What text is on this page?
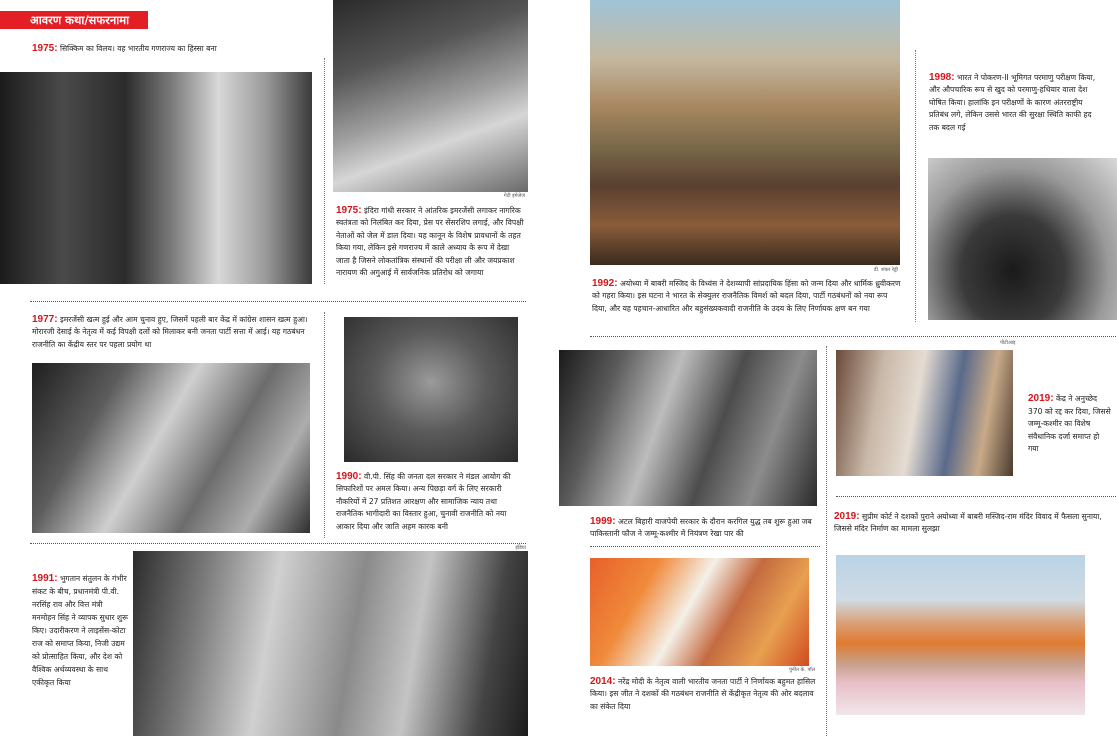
आवरण कथा/सफरनामा
1975: सिक्किम का विलय। वह भारतीय गणराज्य का हिस्सा बना
गेटी इमेजेज
1975: इंदिरा गांधी सरकार ने आंतरिक इमरजेंसी लगाकर नागरिक स्वतंत्रता को निलंबित कर दिया, प्रेस पर सेंसरशिप लगाई, और विपक्षी नेताओं को जेल में डाल दिया। यह कानून के विशेष प्रावधानों के तहत किया गया, लेकिन इसे गणराज्य में काले अध्याय के रूप में देखा जाता है जिसने लोकतांत्रिक संस्थानों की परीक्षा ली और जयप्रकाश नारायण की अगुआई में सार्वजनिक प्रतिरोध को जगाया
1977: इमरजेंसी खत्म हुई और आम चुनाव हुए, जिसमें पहली बार केंद्र में कांग्रेस शासन खत्म हुआ। मोरारजी देसाई के नेतृत्व में कई विपक्षी दलों को मिलाकर बनी जनता पार्टी सत्ता में आई। यह गठबंधन राजनीति का केंद्रीय स्तर पर पहला प्रयोग था
1990: वी.पी. सिंह की जनता दल सरकार ने मंडल आयोग की सिफारिशों पर अमल किया। अन्य पिछड़ा वर्ग के लिए सरकारी नौकरियों में 27 प्रतिशत आरक्षण और सामाजिक न्याय तथा राजनैतिक भागीदारी का विस्तार हुआ, चुनावी राजनीति को नया आकार दिया और जाति अहम कारक बनी
इंडिया
1991: भुगतान संतुलन के गंभीर संकट के बीच, प्रधानमंत्री पी.वी. नरसिंह राव और वित्त मंत्री मनमोहन सिंह ने व्यापक सुधार शुरू किए। उदारीकरण ने लाइसेंस-कोटा राज को समाप्त किया, निजी उद्यम को प्रोत्साहित किया, और देश को वैश्विक अर्थव्यवस्था के साथ एकीकृत किया
डी. शंकर रेड्डी
1992: अयोध्या में बाबरी मस्जिद के विध्वंस ने देशव्यापी सांप्रदायिक हिंसा को जन्म दिया और धार्मिक ध्रुवीकरण को गहरा किया। इस घटना ने भारत के सेक्युलर राजनैतिक विमर्श को बदल दिया, पार्टी गठबंधनों को नया रूप दिया, और यह पहचान-आधारित और बहुसंख्यकवादी राजनीति के उदय के लिए निर्णायक क्षण बन गया
1998: भारत ने पोकरण-II भूमिगत परमाणु परीक्षण किया, और औपचारिक रूप से खुद को परमाणु-हथियार वाला देश घोषित किया। हालांकि इन परीक्षणों के कारण अंतरराष्ट्रीय प्रतिबंध लगे, लेकिन उससे भारत की सुरक्षा स्थिति काफी हद तक बदल गई
1999: अटल बिहारी वाजपेयी सरकार के दौरान करगिल युद्ध तब शुरू हुआ जब पाकिस्तानी फौज ने जम्मू-कश्मीर में नियंत्रण रेखा पार की
पीटीआइ
2019: केंद्र ने अनुच्छेद 370 को रद्द कर दिया, जिससे जम्मू-कश्मीर का विशेष संवैधानिक दर्जा समाप्त हो गया
2019: सुप्रीम कोर्ट ने दशकों पुराने अयोध्या में बाबरी मस्जिद-राम मंदिर विवाद में फैसला सुनाया, जिससे मंदिर निर्माण का मामला सुलझा
पुनीत के. पॉल
2014: नरेंद्र मोदी के नेतृत्व वाली भारतीय जनता पार्टी ने निर्णायक बहुमत हासिल किया। इस जीत ने दशकों की गठबंधन राजनीति से केंद्रीकृत नेतृत्व की ओर बदलाव का संकेत दिया
